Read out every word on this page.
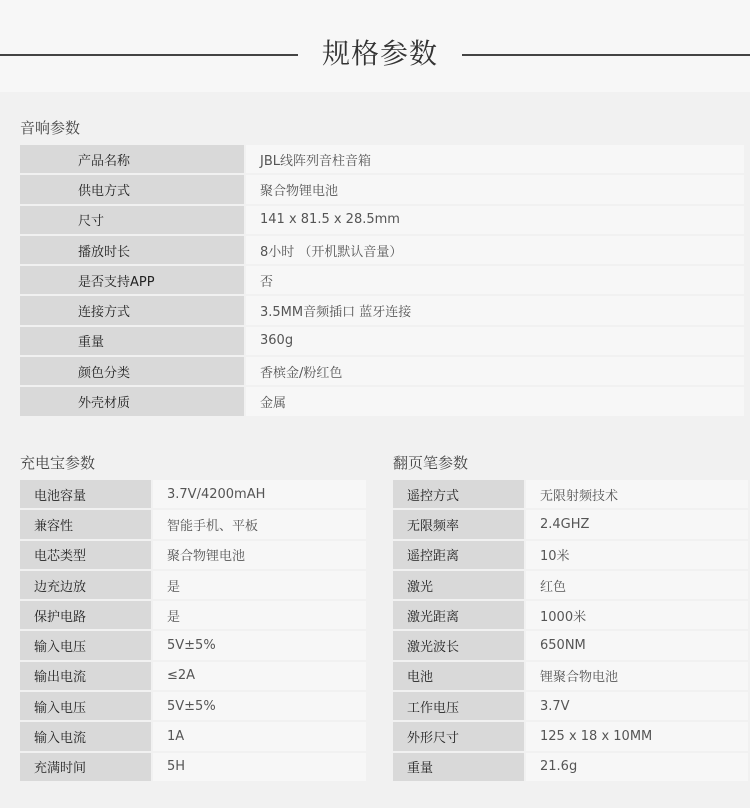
规格参数
音响参数
产品名称	JBL线阵列音柱音箱
供电方式	聚合物锂电池
尺寸	141 x 81.5 x 28.5mm
播放时长	8小时 （开机默认音量）
是否支持APP	否
连接方式	3.5MM音频插口 蓝牙连接
重量	360g
颜色分类	香槟金/粉红色
外壳材质	金属
充电宝参数
电池容量	3.7V/4200mAH
兼容性	智能手机、平板
电芯类型	聚合物锂电池
边充边放	是
保护电路	是
输入电压	5V±5%
输出电流	≤2A
输入电压	5V±5%
输入电流	1A
充满时间	5H
翻页笔参数
遥控方式	无限射频技术
无限频率	2.4GHZ
遥控距离	10米
激光	红色
激光距离	1000米
激光波长	650NM
电池	锂聚合物电池
工作电压	3.7V
外形尺寸	125 x 18 x 10MM
重量	21.6g
